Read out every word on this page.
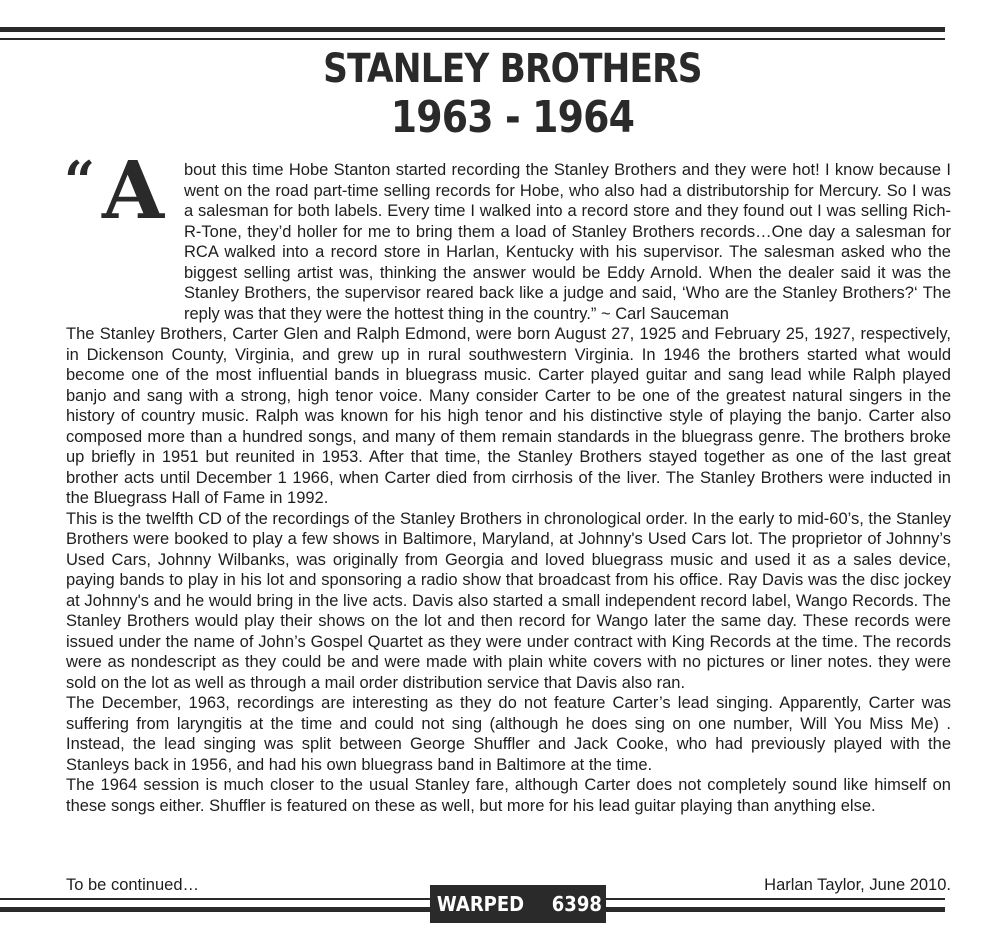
STANLEY BROTHERS
1963 - 1964
“ A	bout this time Hobe Stanton started recording the Stanley Brothers and they were hot! I know because I went on the road part-time selling records for Hobe, who also had a distributorship for Mercury. So I was a salesman for both labels. Every time I walked into a record store and they found out I was selling Rich-R-Tone, they’d holler for me to bring them a load of Stanley Brothers records…One day a salesman for RCA walked into a record store in Harlan, Kentucky with his supervisor. The salesman asked who the biggest selling artist was, thinking the answer would be Eddy Arnold. When the dealer said it was the Stanley Brothers, the supervisor reared back like a judge and said, ‘Who are the Stanley Brothers?‘ The reply was that they were the hottest thing in the country.” ~ Carl Sauceman

The Stanley Brothers, Carter Glen and Ralph Edmond, were born August 27, 1925 and February 25, 1927, respectively, in Dickenson County, Virginia, and grew up in rural southwestern Virginia. In 1946 the brothers started what would become one of the most influential bands in bluegrass music. Carter played guitar and sang lead while Ralph played banjo and sang with a strong, high tenor voice. Many consider Carter to be one of the greatest natural singers in the history of country music. Ralph was known for his high tenor and his distinctive style of playing the banjo. Carter also composed more than a hundred songs, and many of them remain standards in the bluegrass genre. The brothers broke up briefly in 1951 but reunited in 1953. After that time, the Stanley Brothers stayed together as one of the last great brother acts until December 1 1966, when Carter died from cirrhosis of the liver. The Stanley Brothers were inducted in the Bluegrass Hall of Fame in 1992.

This is the twelfth CD of the recordings of the Stanley Brothers in chronological order. In the early to mid-60’s, the Stanley Brothers were booked to play a few shows in Baltimore, Maryland, at Johnny's Used Cars lot. The proprietor of Johnny’s Used Cars, Johnny Wilbanks, was originally from Georgia and loved bluegrass music and used it as a sales device, paying bands to play in his lot and sponsoring a radio show that broadcast from his office. Ray Davis was the disc jockey at Johnny's and he would bring in the live acts. Davis also started a small independent record label, Wango Records. The Stanley Brothers would play their shows on the lot and then record for Wango later the same day. These records were issued under the name of John’s Gospel Quartet as they were under contract with King Records at the time. The records were as nondescript as they could be and were made with plain white covers with no pictures or liner notes. they were sold on the lot as well as through a mail order distribution service that Davis also ran.

The December, 1963, recordings are interesting as they do not feature Carter’s lead singing. Apparently, Carter was suffering from laryngitis at the time and could not sing (although he does sing on one number, Will You Miss Me) . Instead, the lead singing was split between George Shuffler and Jack Cooke, who had previously played with the Stanleys back in 1956, and had his own bluegrass band in Baltimore at the time.

The 1964 session is much closer to the usual Stanley fare, although Carter does not completely sound like himself on these songs either. Shuffler is featured on these as well, but more for his lead guitar playing than anything else.

To be continued…	Harlan Taylor, June 2010.
WARPED 6398
